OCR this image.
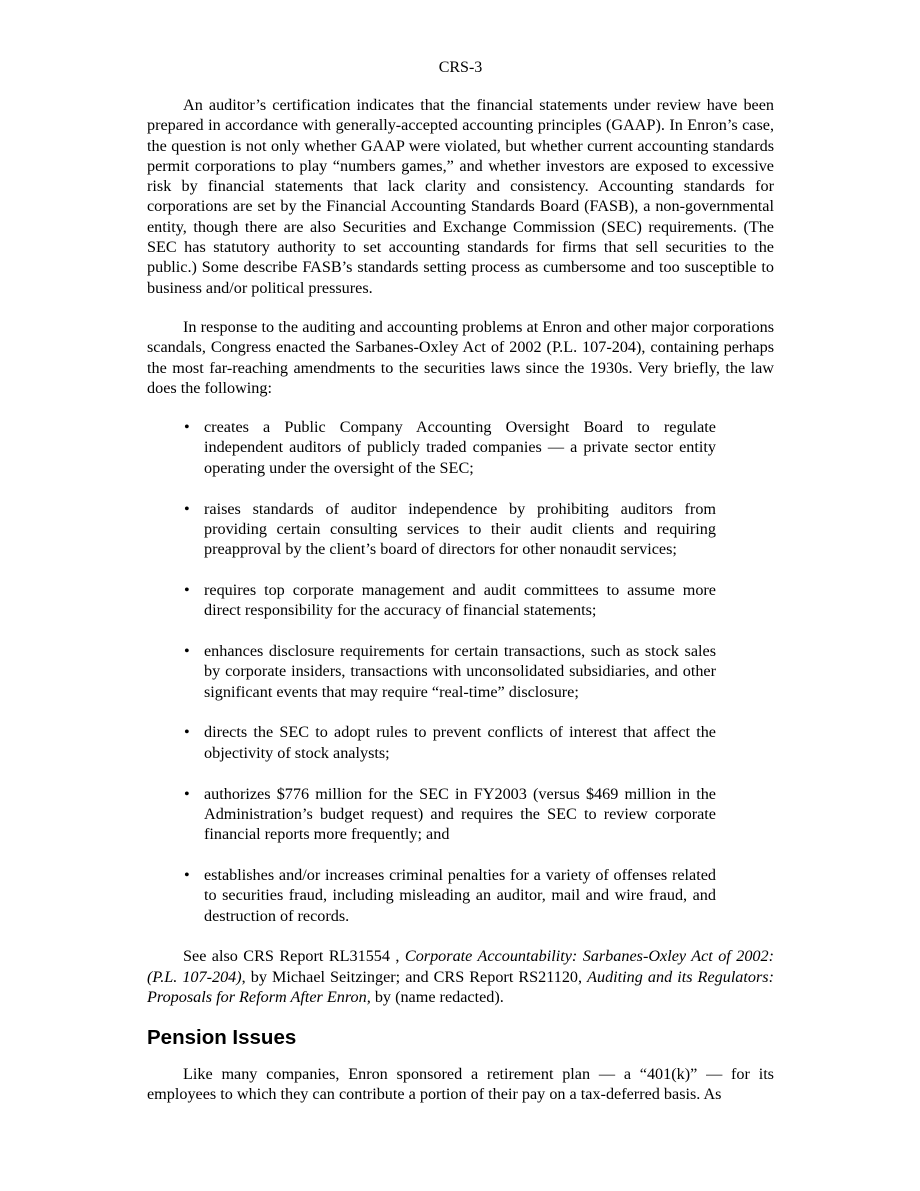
CRS-3

An auditor’s certification indicates that the financial statements under review have been prepared in accordance with generally-accepted accounting principles (GAAP). In Enron’s case, the question is not only whether GAAP were violated, but whether current accounting standards permit corporations to play “numbers games,” and whether investors are exposed to excessive risk by financial statements that lack clarity and consistency. Accounting standards for corporations are set by the Financial Accounting Standards Board (FASB), a non-governmental entity, though there are also Securities and Exchange Commission (SEC) requirements. (The SEC has statutory authority to set accounting standards for firms that sell securities to the public.) Some describe FASB’s standards setting process as cumbersome and too susceptible to business and/or political pressures.

In response to the auditing and accounting problems at Enron and other major corporations scandals, Congress enacted the Sarbanes-Oxley Act of 2002 (P.L. 107-204), containing perhaps the most far-reaching amendments to the securities laws since the 1930s. Very briefly, the law does the following:

• creates a Public Company Accounting Oversight Board to regulate independent auditors of publicly traded companies — a private sector entity operating under the oversight of the SEC;
• raises standards of auditor independence by prohibiting auditors from providing certain consulting services to their audit clients and requiring preapproval by the client’s board of directors for other nonaudit services;
• requires top corporate management and audit committees to assume more direct responsibility for the accuracy of financial statements;
• enhances disclosure requirements for certain transactions, such as stock sales by corporate insiders, transactions with unconsolidated subsidiaries, and other significant events that may require “real-time” disclosure;
• directs the SEC to adopt rules to prevent conflicts of interest that affect the objectivity of stock analysts;
• authorizes $776 million for the SEC in FY2003 (versus $469 million in the Administration’s budget request) and requires the SEC to review corporate financial reports more frequently; and
• establishes and/or increases criminal penalties for a variety of offenses related to securities fraud, including misleading an auditor, mail and wire fraud, and destruction of records.

See also CRS Report RL31554 , Corporate Accountability: Sarbanes-Oxley Act of 2002: (P.L. 107-204), by Michael Seitzinger; and CRS Report RS21120, Auditing and its Regulators: Proposals for Reform After Enron, by (name redacted).

Pension Issues

Like many companies, Enron sponsored a retirement plan — a “401(k)” — for its employees to which they can contribute a portion of their pay on a tax-deferred basis. As
